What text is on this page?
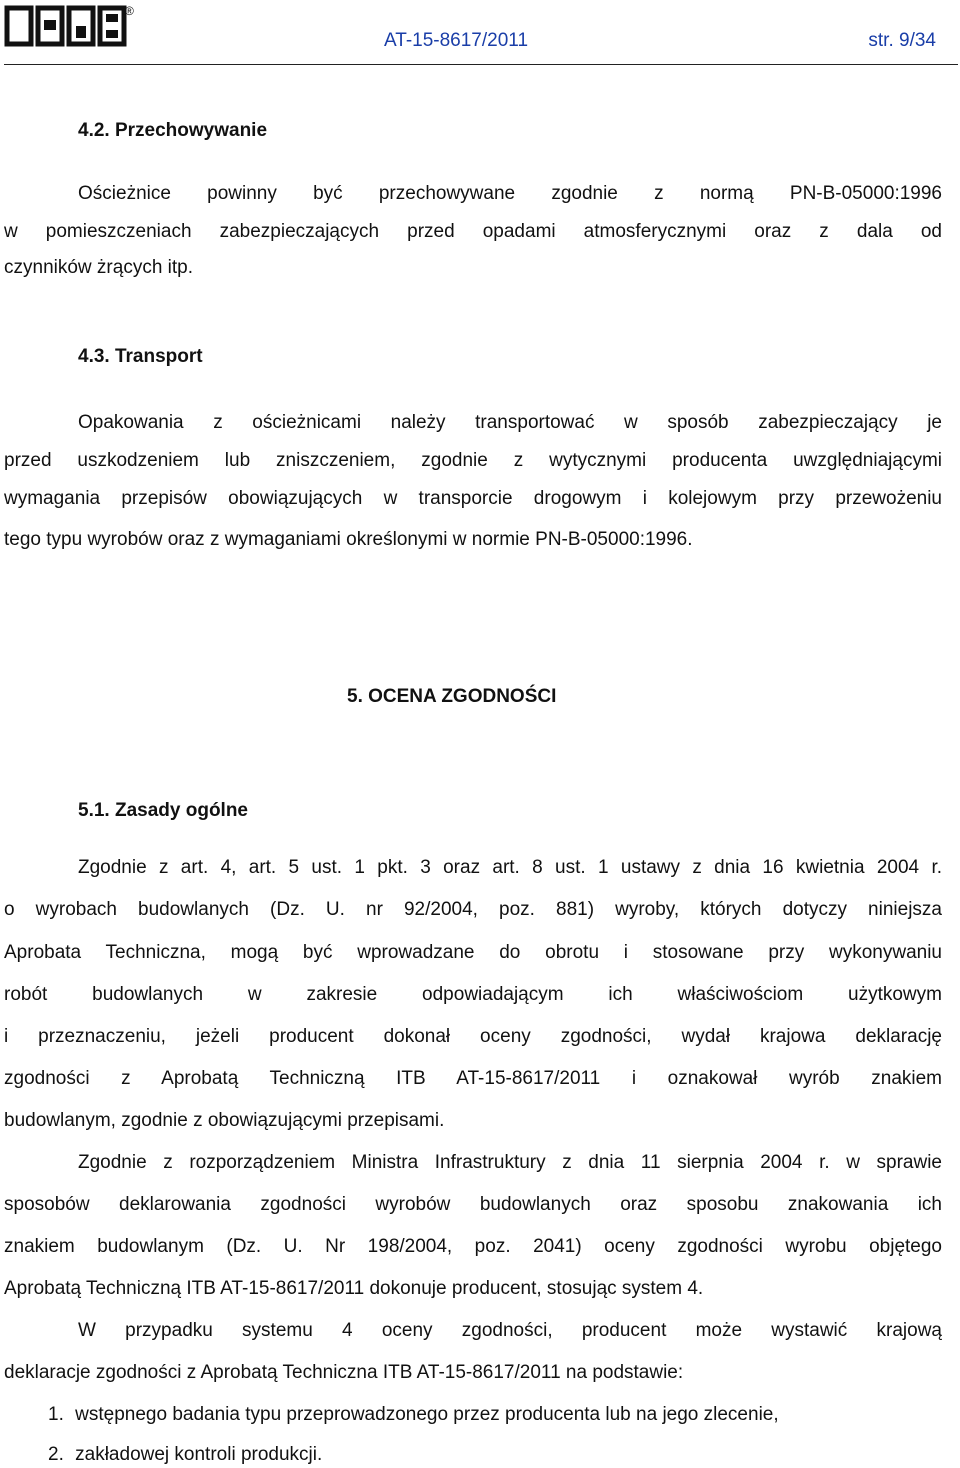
®
AT-15-8617/2011	str. 9/34
4.2. Przechowywanie
Ościeżnice powinny być przechowywane zgodnie z normą PN-B-05000:1996
w pomieszczeniach zabezpieczających przed opadami atmosferycznymi oraz z dala od
czynników żrących itp.
4.3. Transport
Opakowania z ościeżnicami należy transportować w sposób zabezpieczający je
przed uszkodzeniem lub zniszczeniem, zgodnie z wytycznymi producenta uwzględniającymi
wymagania przepisów obowiązujących w transporcie drogowym i kolejowym przy przewożeniu
tego typu wyrobów oraz z wymaganiami określonymi w normie PN-B-05000:1996.
5. OCENA ZGODNOŚCI
5.1. Zasady ogólne
Zgodnie z art. 4, art. 5 ust. 1 pkt. 3 oraz art. 8 ust. 1 ustawy z dnia 16 kwietnia 2004 r.
o wyrobach budowlanych (Dz. U. nr 92/2004, poz. 881) wyroby, których dotyczy niniejsza
Aprobata Techniczna, mogą być wprowadzane do obrotu i stosowane przy wykonywaniu
robót budowlanych w zakresie odpowiadającym ich właściwościom użytkowym
i przeznaczeniu, jeżeli producent dokonał oceny zgodności, wydał krajowa deklarację
zgodności z Aprobatą Techniczną ITB AT-15-8617/2011 i oznakował wyrób znakiem
budowlanym, zgodnie z obowiązującymi przepisami.
Zgodnie z rozporządzeniem Ministra Infrastruktury z dnia 11 sierpnia 2004 r. w sprawie
sposobów deklarowania zgodności wyrobów budowlanych oraz sposobu znakowania ich
znakiem budowlanym (Dz. U. Nr 198/2004, poz. 2041) oceny zgodności wyrobu objętego
Aprobatą Techniczną ITB AT-15-8617/2011 dokonuje producent, stosując system 4.
W przypadku systemu 4 oceny zgodności, producent może wystawić krajową
deklaracje zgodności z Aprobatą Techniczna ITB AT-15-8617/2011 na podstawie:
1. wstępnego badania typu przeprowadzonego przez producenta lub na jego zlecenie,
2. zakładowej kontroli produkcji.
